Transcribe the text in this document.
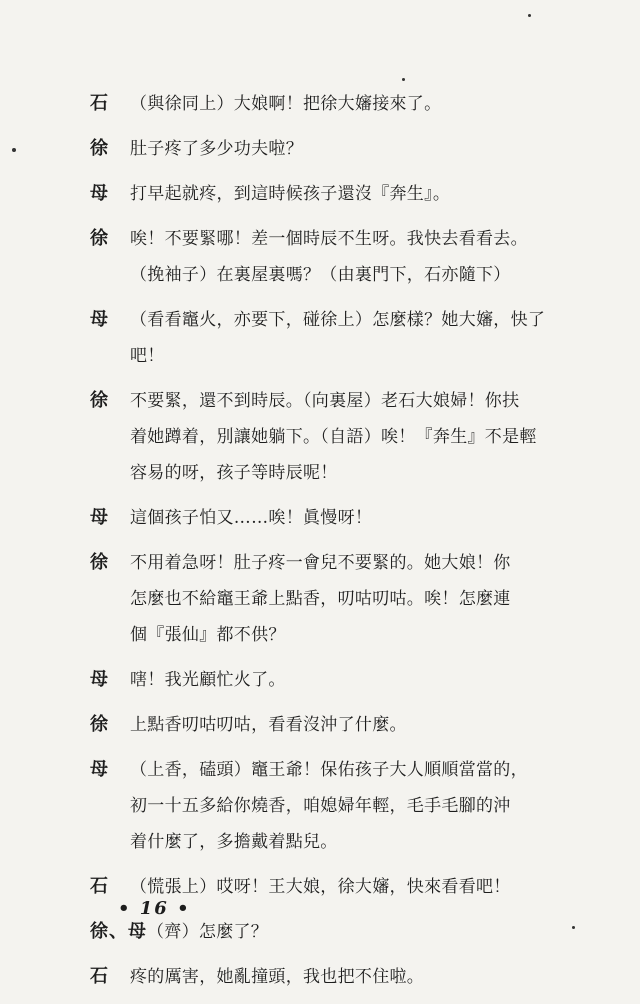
石	（與徐同上）大娘啊！把徐大嬸接來了。
徐	肚子疼了多少功夫啦？
母	打早起就疼，到這時候孩子還沒『奔生』。
徐	唉！不要緊哪！差一個時辰不生呀。我快去看看去。
（挽袖子）在裏屋裏嗎？（由裏門下，石亦隨下）
母	（看看竈火，亦要下，碰徐上）怎麼樣？她大嬸，快了
吧！
徐	不要緊，還不到時辰。（向裏屋）老石大娘婦！你扶
着她蹲着，別讓她躺下。（自語）唉！『奔生』不是輕
容易的呀，孩子等時辰呢！
母	這個孩子怕又……唉！眞慢呀！
徐	不用着急呀！肚子疼一會兒不要緊的。她大娘！你
怎麼也不給竈王爺上點香，叨咕叨咕。唉！怎麼連
個『張仙』都不供？
母	嗐！我光顧忙火了。
徐	上點香叨咕叨咕，看看沒沖了什麼。
母	（上香，磕頭）竈王爺！保佑孩子大人順順當當的，
初一十五多給你燒香，咱媳婦年輕，毛手毛腳的沖
着什麼了，多擔戴着點兒。
石	（慌張上）哎呀！王大娘，徐大嬸，快來看看吧！
徐、母 （齊）怎麼了？
石	疼的厲害，她亂撞頭，我也把不住啦。
• 16 •
